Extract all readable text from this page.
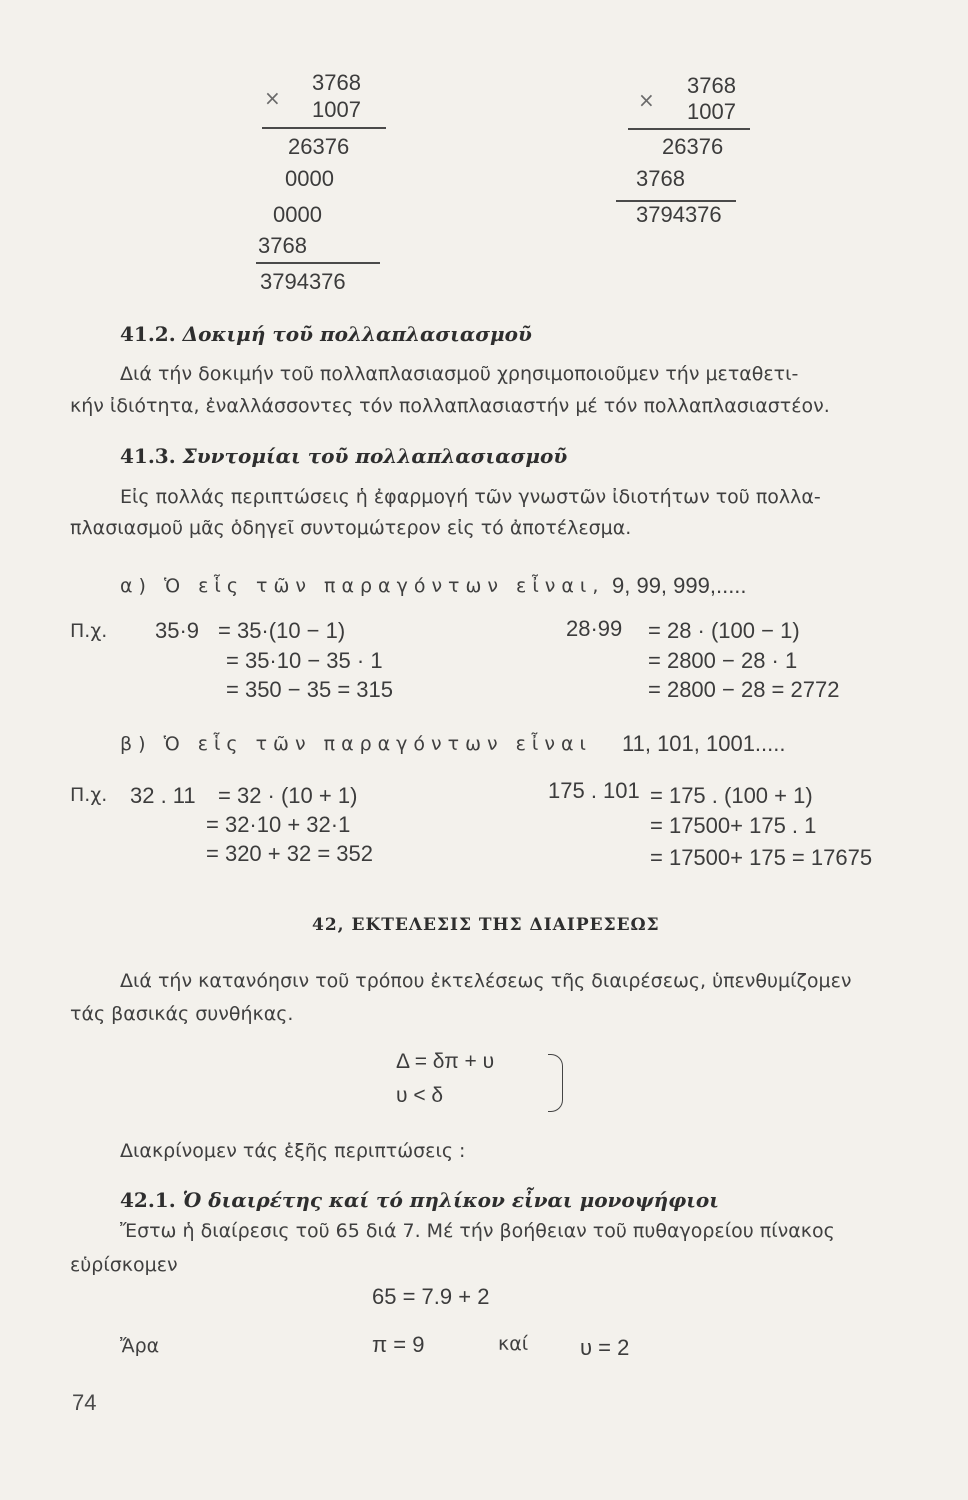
×
3768
1007
26376
0000
0000
3768
3794376
×
3768
1007
26376
3768
3794376
41.2. Δοκιμή τοῦ πολλαπλασιασμοῦ
Διά τήν δοκιμήν τοῦ πολλαπλασιασμοῦ χρησιμοποιοῦμεν τήν μεταθετι-
κήν ἰδιότητα, ἐναλλάσσοντες τόν πολλαπλασιαστήν μέ τόν πολλαπλασιαστέον.
41.3. Συντομίαι τοῦ πολλαπλασιασμοῦ
Εἰς πολλάς περιπτώσεις ἡ ἐφαρμογή τῶν γνωστῶν ἰδιοτήτων τοῦ πολλα-
πλασιασμοῦ μᾶς ὁδηγεῖ συντομώτερον εἰς τό ἀποτέλεσμα.
α) Ὁ εἷς τῶν παραγόντων εἶναι, 9, 99, 999,.....
Π.χ. 35·9 = 35·(10 − 1)
= 35·10 − 35 · 1
= 350 − 35 = 315
28·99 = 28 · (100 − 1)
= 2800 − 28 · 1
= 2800 − 28 = 2772
β) Ὁ εἷς τῶν παραγόντων εἶναι 11, 101, 1001.....
Π.χ. 32 . 11 = 32 · (10 + 1)
= 32·10 + 32·1
= 320 + 32 = 352
175 . 101 = 175 . (100 + 1)
= 17500+ 175 . 1
= 17500+ 175 = 17675
42, ΕΚΤΕΛΕΣΙΣ ΤΗΣ ΔΙΑΙΡΕΣΕΩΣ
Διά τήν κατανόησιν τοῦ τρόπου ἐκτελέσεως τῆς διαιρέσεως, ὑπενθυμίζομεν
τάς βασικάς συνθήκας.
Δ = δπ + υ
υ < δ
Διακρίνομεν τάς ἑξῆς περιπτώσεις :
42.1. Ὁ διαιρέτης καί τό πηλίκον εἶναι μονοψήφιοι
Ἔστω ἡ διαίρεσις τοῦ 65 διά 7. Μέ τήν βοήθειαν τοῦ πυθαγορείου πίνακος
εὑρίσκομεν
65 = 7.9 + 2
Ἄρα	π = 9	καί υ = 2
74
